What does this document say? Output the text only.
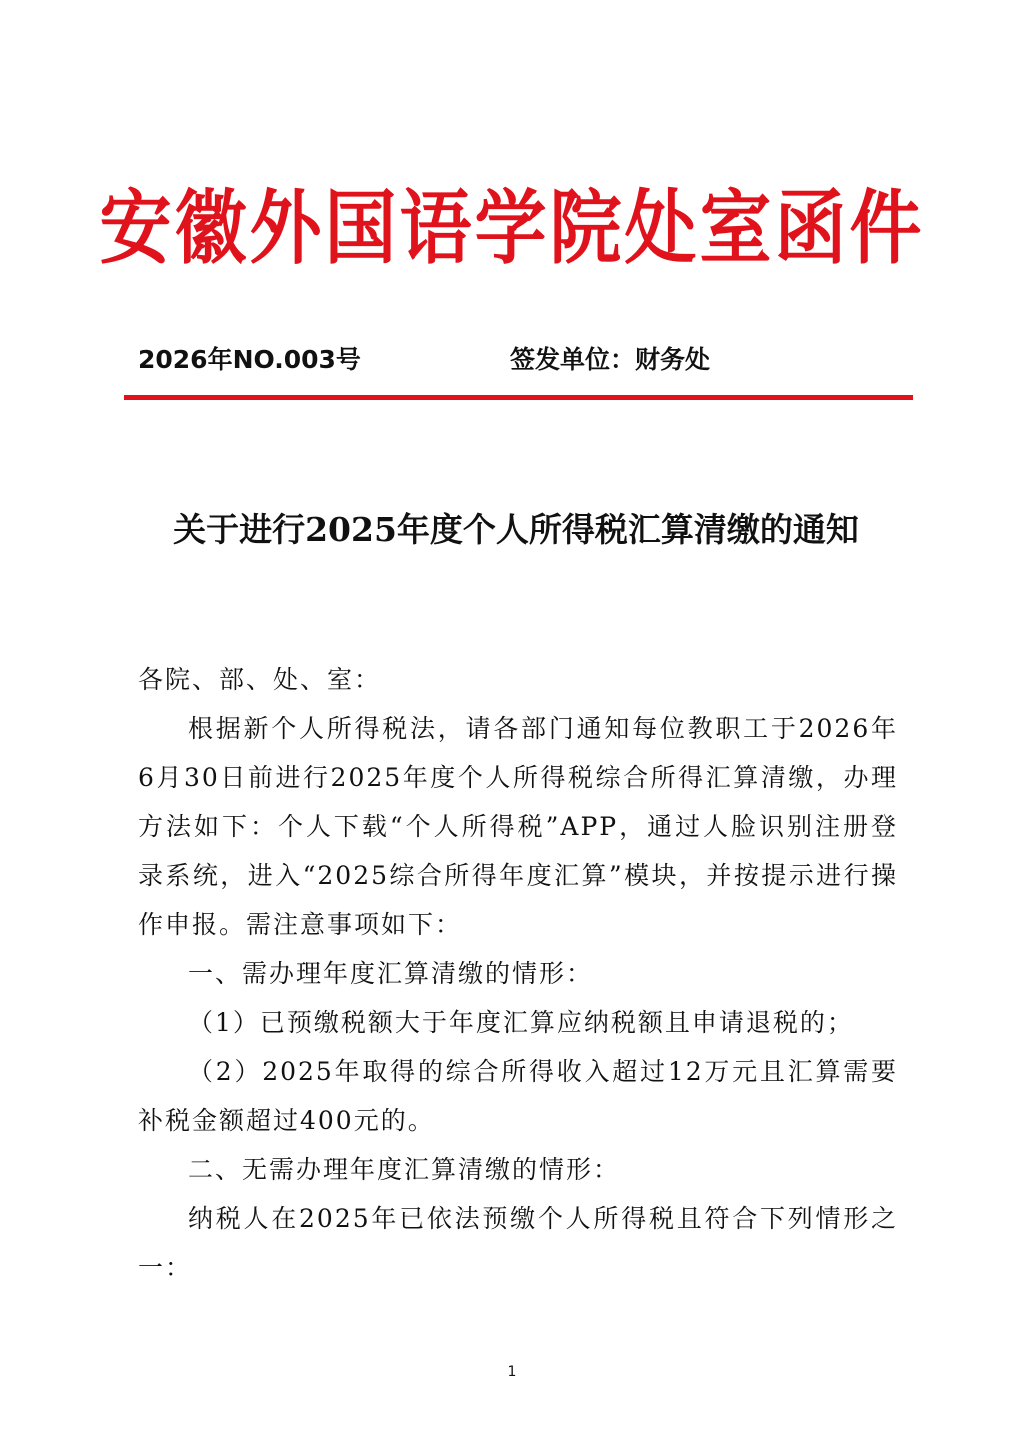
安徽外国语学院处室函件
2026年NO.003号	签发单位：财务处
关于进行2025年度个人所得税汇算清缴的通知

各院、部、处、室：

根据新个人所得税法，请各部门通知每位教职工于2026年6月30日前进行2025年度个人所得税综合所得汇算清缴，办理方法如下：个人下载“个人所得税”APP，通过人脸识别注册登录系统，进入“2025综合所得年度汇算”模块，并按提示进行操作申报。需注意事项如下：

一、需办理年度汇算清缴的情形：

（1）已预缴税额大于年度汇算应纳税额且申请退税的；

（2）2025年取得的综合所得收入超过12万元且汇算需要补税金额超过400元的。

二、无需办理年度汇算清缴的情形：

纳税人在2025年已依法预缴个人所得税且符合下列情形之一：

1
